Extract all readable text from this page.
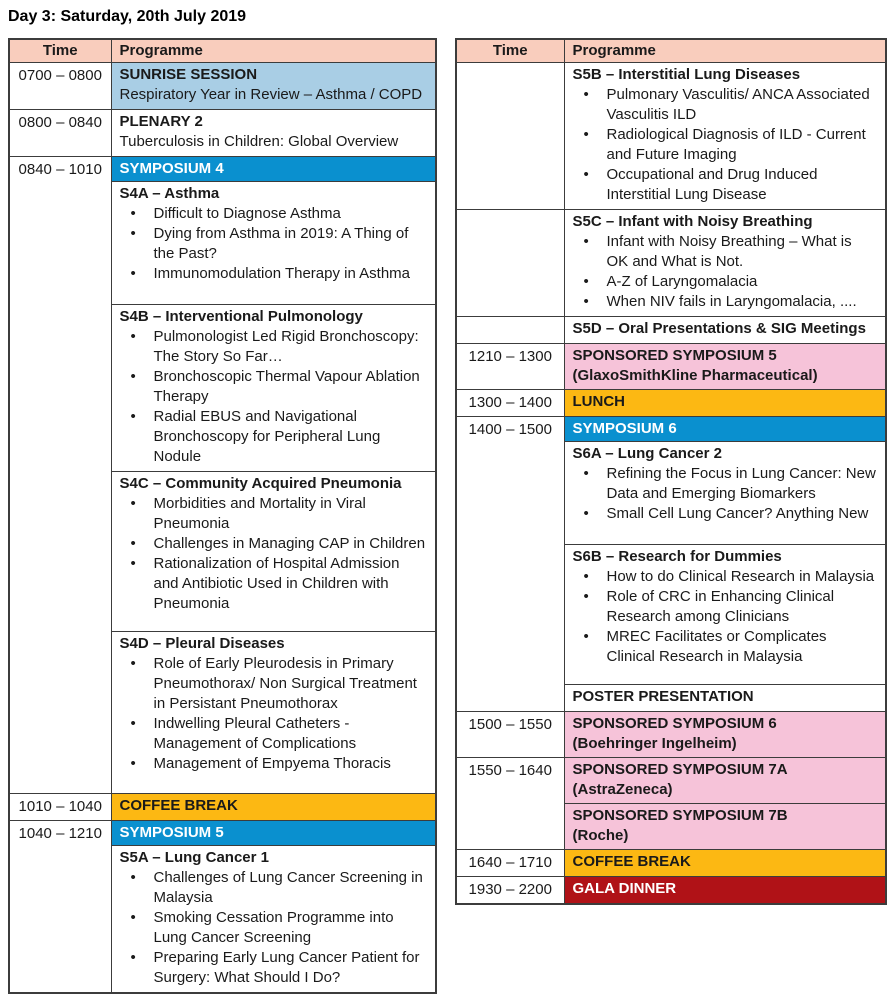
Day 3: Saturday, 20th July 2019
Time	Programme
0700 – 0800	SUNRISE SESSION
Respiratory Year in Review – Asthma / COPD

0800 – 0840	PLENARY 2
Tuberculosis in Children: Global Overview

0840 – 1010	SYMPOSIUM 4

S4A – Asthma
• Difficult to Diagnose Asthma
• Dying from Asthma in 2019: A Thing of the Past?
• Immunomodulation Therapy in Asthma

S4B – Interventional Pulmonology
• Pulmonologist Led Rigid Bronchoscopy: The Story So Far…
• Bronchoscopic Thermal Vapour Ablation Therapy
• Radial EBUS and Navigational Bronchoscopy for Peripheral Lung Nodule

S4C – Community Acquired Pneumonia
• Morbidities and Mortality in Viral Pneumonia
• Challenges in Managing CAP in Children
• Rationalization of Hospital Admission and Antibiotic Used in Children with Pneumonia

S4D – Pleural Diseases
• Role of Early Pleurodesis in Primary Pneumothorax/ Non Surgical Treatment in Persistant Pneumothorax
• Indwelling Pleural Catheters - Management of Complications
• Management of Empyema Thoracis

1010 – 1040	COFFEE BREAK
1040 – 1210	SYMPOSIUM 5

S5A – Lung Cancer 1
• Challenges of Lung Cancer Screening in Malaysia
• Smoking Cessation Programme into Lung Cancer Screening
• Preparing Early Lung Cancer Patient for Surgery: What Should I Do?
Time	Programme

S5B – Interstitial Lung Diseases
• Pulmonary Vasculitis/ ANCA Associated Vasculitis ILD
• Radiological Diagnosis of ILD - Current and Future Imaging
• Occupational and Drug Induced Interstitial Lung Disease

S5C – Infant with Noisy Breathing
• Infant with Noisy Breathing – What is OK and What is Not.
• A-Z of Laryngomalacia
• When NIV fails in Laryngomalacia, ....

	S5D – Oral Presentations & SIG Meetings
1210 – 1300	SPONSORED SYMPOSIUM 5
(GlaxoSmithKline Pharmaceutical)

1300 – 1400	LUNCH
1400 – 1500	SYMPOSIUM 6

S6A – Lung Cancer 2
• Refining the Focus in Lung Cancer: New Data and Emerging Biomarkers
• Small Cell Lung Cancer? Anything New

S6B – Research for Dummies
• How to do Clinical Research in Malaysia
• Role of CRC in Enhancing Clinical Research among Clinicians
• MREC Facilitates or Complicates Clinical Research in Malaysia

	POSTER PRESENTATION
1500 – 1550	SPONSORED SYMPOSIUM 6
(Boehringer Ingelheim)

1550 – 1640	SPONSORED SYMPOSIUM 7A
(AstraZeneca)

	SPONSORED SYMPOSIUM 7B
(Roche)

1640 – 1710	COFFEE BREAK
1930 – 2200	GALA DINNER
